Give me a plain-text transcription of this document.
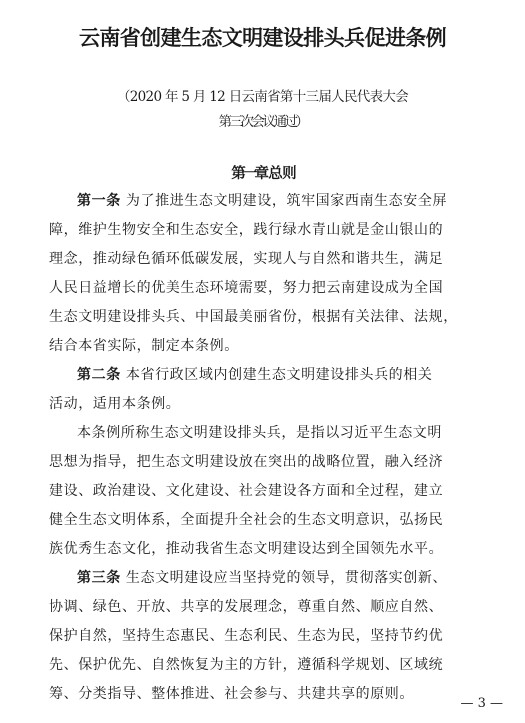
云南省创建生态文明建设排头兵促进条例
（2020 年 5 月 12 日云南省第十三届人民代表大会
第三次会议通过）
第一章 总 则
第一条 为了推进生态文明建设，筑牢国家西南生态安全屏
障，维护生物安全和生态安全，践行绿水青山就是金山银山的
理念，推动绿色循环低碳发展，实现人与自然和谐共生，满足
人民日益增长的优美生态环境需要，努力把云南建设成为全国
生态文明建设排头兵、中国最美丽省份，根据有关法律、法规，
结合本省实际，制定本条例。
第二条 本省行政区域内创建生态文明建设排头兵的相关
活动，适用本条例。
本条例所称生态文明建设排头兵，是指以习近平生态文明
思想为指导，把生态文明建设放在突出的战略位置，融入经济
建设、政治建设、文化建设、社会建设各方面和全过程，建立
健全生态文明体系，全面提升全社会的生态文明意识，弘扬民
族优秀生态文化，推动我省生态文明建设达到全国领先水平。
第三条 生态文明建设应当坚持党的领导，贯彻落实创新、
协调、绿色、开放、共享的发展理念，尊重自然、顺应自然、
保护自然，坚持生态惠民、生态利民、生态为民，坚持节约优
先、保护优先、自然恢复为主的方针，遵循科学规划、区域统
筹、分类指导、整体推进、社会参与、共建共享的原则。
— 3 —
